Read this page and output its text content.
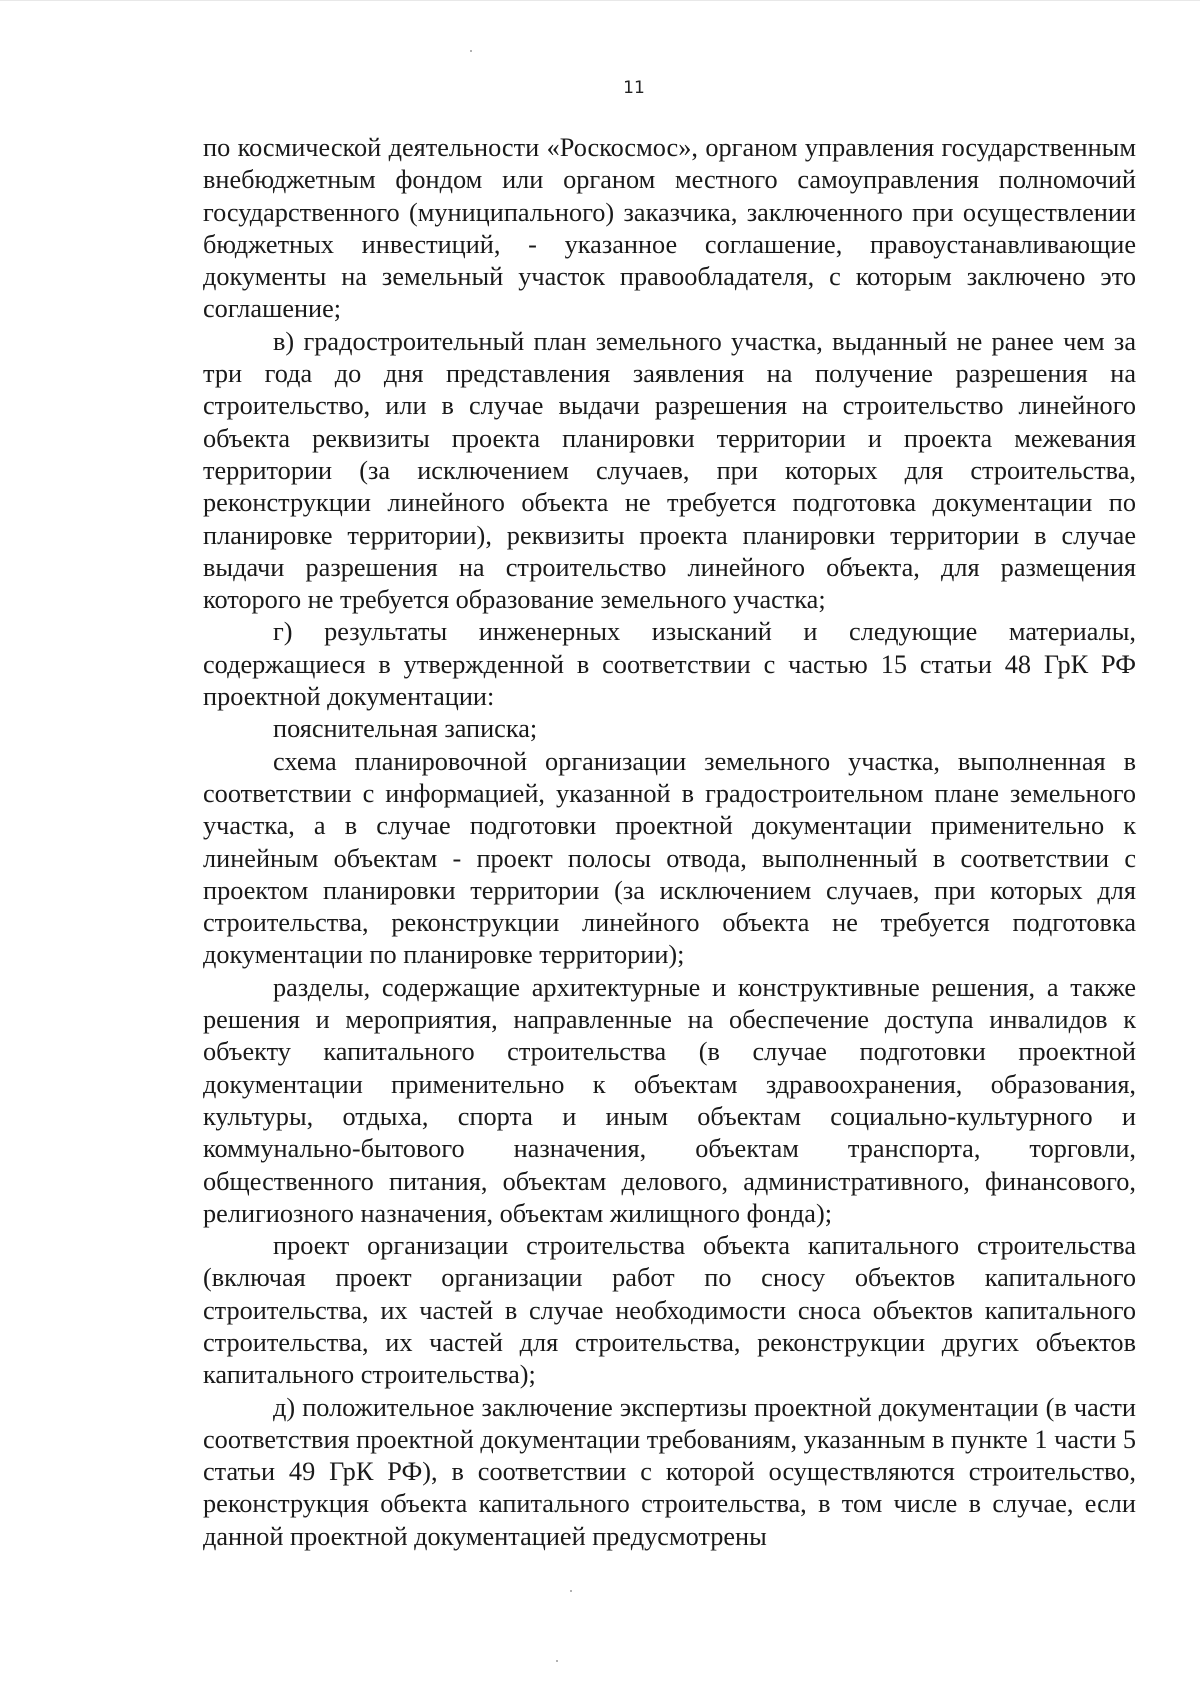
11

по космической деятельности «Роскосмос», органом управления государственным внебюджетным фондом или органом местного самоуправления полномочий государственного (муниципального) заказчика, заключенного при осуществлении бюджетных инвестиций, - указанное соглашение, правоустанавливающие документы на земельный участок правообладателя, с которым заключено это соглашение;

в) градостроительный план земельного участка, выданный не ранее чем за три года до дня представления заявления на получение разрешения на строительство, или в случае выдачи разрешения на строительство линейного объекта реквизиты проекта планировки территории и проекта межевания территории (за исключением случаев, при которых для строительства, реконструкции линейного объекта не требуется подготовка документации по планировке территории), реквизиты проекта планировки территории в случае выдачи разрешения на строительство линейного объекта, для размещения которого не требуется образование земельного участка;

г) результаты инженерных изысканий и следующие материалы, содержащиеся в утвержденной в соответствии с частью 15 статьи 48 ГрК РФ проектной документации:

пояснительная записка;

схема планировочной организации земельного участка, выполненная в соответствии с информацией, указанной в градостроительном плане земельного участка, а в случае подготовки проектной документации применительно к линейным объектам - проект полосы отвода, выполненный в соответствии с проектом планировки территории (за исключением случаев, при которых для строительства, реконструкции линейного объекта не требуется подготовка документации по планировке территории);

разделы, содержащие архитектурные и конструктивные решения, а также решения и мероприятия, направленные на обеспечение доступа инвалидов к объекту капитального строительства (в случае подготовки проектной документации применительно к объектам здравоохранения, образования, культуры, отдыха, спорта и иным объектам социально-культурного и коммунально-бытового назначения, объектам транспорта, торговли, общественного питания, объектам делового, административного, финансового, религиозного назначения, объектам жилищного фонда);

проект организации строительства объекта капитального строительства (включая проект организации работ по сносу объектов капитального строительства, их частей в случае необходимости сноса объектов капитального строительства, их частей для строительства, реконструкции других объектов капитального строительства);

д) положительное заключение экспертизы проектной документации (в части соответствия проектной документации требованиям, указанным в пункте 1 части 5 статьи 49 ГрК РФ), в соответствии с которой осуществляются строительство, реконструкция объекта капитального строительства, в том числе в случае, если данной проектной документацией предусмотрены
